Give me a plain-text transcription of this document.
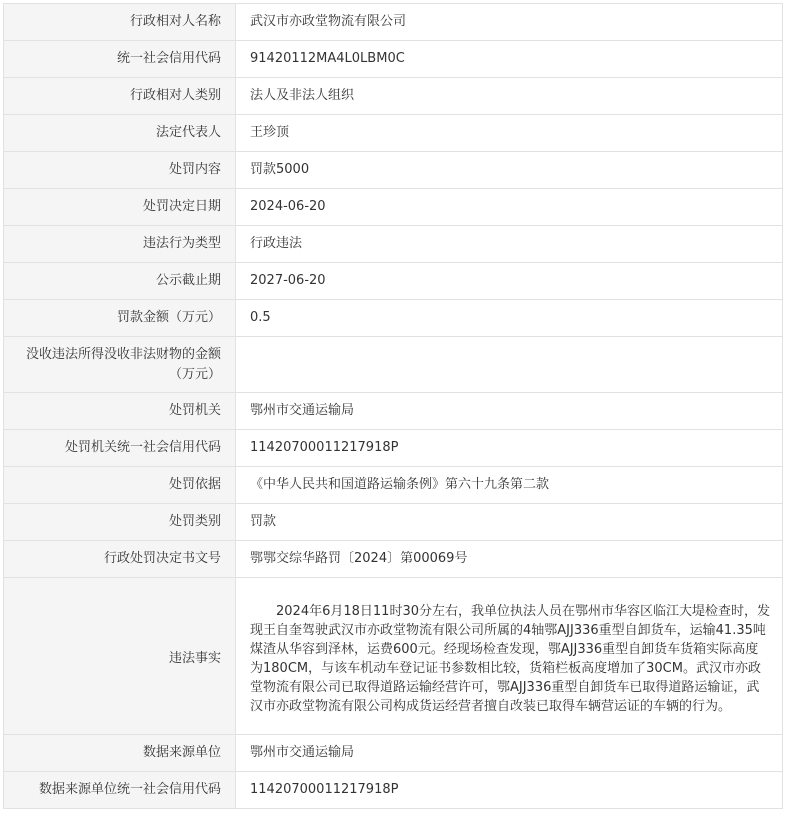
行政相对人名称	武汉市亦政堂物流有限公司
统一社会信用代码	91420112MA4L0LBM0C
行政相对人类别	法人及非法人组织
法定代表人	王珍顶
处罚内容	罚款5000
处罚决定日期	2024-06-20
违法行为类型	行政违法
公示截止期	2027-06-20
罚款金额（万元）	0.5
没收违法所得没收非法财物的金额（万元）	
处罚机关	鄂州市交通运输局
处罚机关统一社会信用代码	11420700011217918P
处罚依据	《中华人民共和国道路运输条例》第六十九条第二款
处罚类别	罚款
行政处罚决定书文号	鄂鄂交综华路罚〔2024〕第00069号
违法事实	2024年6月18日11时30分左右，我单位执法人员在鄂州市华容区临江大堤检查时，发现王自奎驾驶武汉市亦政堂物流有限公司所属的4轴鄂AJJ336重型自卸货车，运输41.35吨煤渣从华容到泽林，运费600元。经现场检查发现，鄂AJJ336重型自卸货车货箱实际高度为180CM，与该车机动车登记证书参数相比较，货箱栏板高度增加了30CM。武汉市亦政堂物流有限公司已取得道路运输经营许可，鄂AJJ336重型自卸货车已取得道路运输证，武汉市亦政堂物流有限公司构成货运经营者擅自改装已取得车辆营运证的车辆的行为。

数据来源单位	鄂州市交通运输局
数据来源单位统一社会信用代码	11420700011217918P
